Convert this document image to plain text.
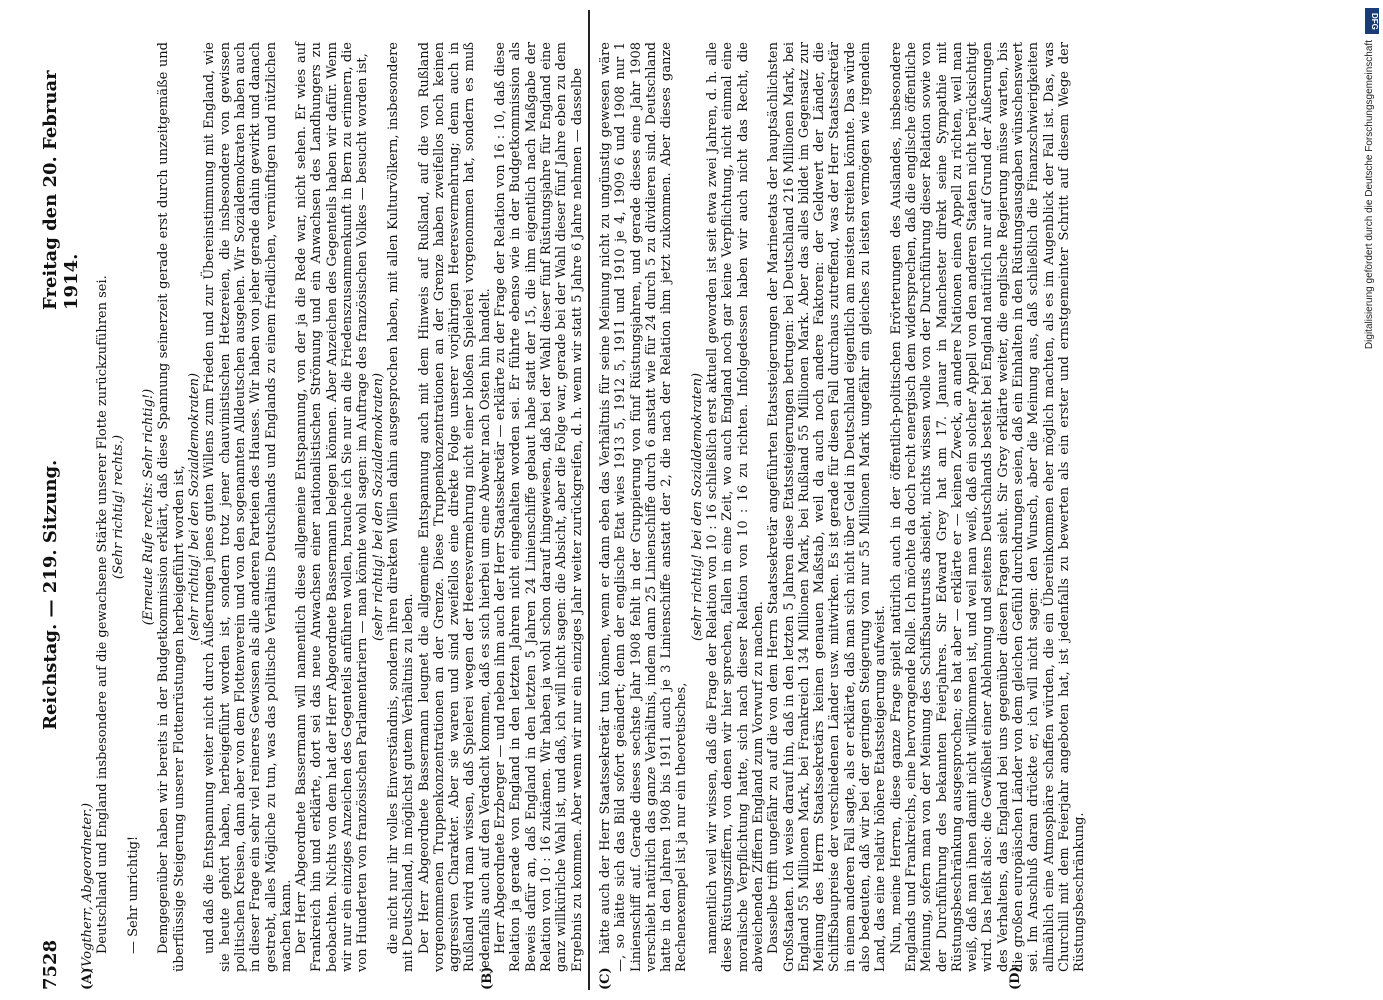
7528
Reichstag. — 219. Sitzung.
Freitag den 20. Februar 1914.
(A)	(B)	(C)	(D)

(Vogtherr, Abgeordneter.) Deutschland und England insbesondere auf die gewachsene Stärke unserer Flotte zurückzuführen sei. (Sehr richtig! rechts.)

— Sehr unrichtig!

(Erneute Rufe rechts: Sehr richtig!) Demgegenüber haben wir bereits in der Budgetkommission erklärt, daß diese Spannung seinerzeit gerade erst durch unzeitgemäße und überflüssige Steigerung unserer Flottenrüstungen herbeigeführt worden ist, (sehr richtig! bei den Sozialdemokraten) und daß die Entspannung weiter nicht durch Äußerungen jenes guten Willens zum Frieden und zur Übereinstimmung mit England, wie sie heute gehört haben, herbeigeführt worden ist, sondern trotz jener chauvinistischen Hetzereien, die insbesondere von gewissen politischen Kreisen, dann aber von dem Flottenverein und von den sogenannten Alldeutschen ausgehen. Wir Sozialdemokraten haben auch in dieser Frage ein sehr viel reineres Gewissen als alle anderen Parteien des Hauses. Wir haben von jeher gerade dahin gewirkt und danach gestrebt, alles Mögliche zu tun, was das politische Verhältnis Deutschlands und Englands zu einem friedlichen, vernünftigen und nützlichen machen kann. Der Herr Abgeordnete Bassermann will namentlich diese allgemeine Entspannung, von der ja die Rede war, nicht sehen. Er wies auf Frankreich hin und erklärte, dort sei das neue Anwachsen einer nationalistischen Strömung und ein Anwachsen des Landhungers zu beobachten. Nichts von dem hat der Herr Abgeordnete Bassermann belegen können. Aber Anzeichen des Gegenteils haben wir dafür. Wenn wir nur ein einziges Anzeichen des Gegenteils anführen wollen, brauche ich Sie nur an die Friedenszusammenkunft in Bern zu erinnern, die von Hunderten von französischen Parlamentariern — man könnte wohl sagen: im Auftrage des französischen Volkes — besucht worden ist, (sehr richtig! bei den Sozialdemokraten) die nicht nur ihr volles Einverständnis, sondern ihren direkten Willen dahin ausgesprochen haben, mit allen Kulturvölkern, insbesondere mit Deutschland, in möglichst gutem Verhältnis zu leben. Der Herr Abgeordnete Bassermann leugnet die allgemeine Entspannung auch mit dem Hinweis auf Rußland, auf die von Rußland vorgenommenen Truppenkonzentrationen an der Grenze. Diese Truppenkonzentrationen an der Grenze haben zweifellos noch keinen aggressiven Charakter. Aber sie waren und sind zweifellos eine direkte Folge unserer vorjährigen Heeresvermehrung; denn auch in Rußland wird man wissen, daß Spielerei wegen der Heeresvermehrung nicht einer bloßen Spielerei vorgenommen hat, sondern es muß jedenfalls auch auf den Verdacht kommen, daß es sich hierbei um eine Abwehr nach Osten hin handelt. Herr Abgeordnete Erzberger — und neben ihm auch der Herr Staatssekretär — erklärte zu der Frage der Relation von 16 : 10, daß diese Relation ja gerade von England in den letzten Jahren nicht eingehalten worden sei. Er führte ebenso wie in der Budgetkommission als Beweis dafür an, daß England in den letzten 5 Jahren 24 Linienschiffe gebaut habe statt der 15, die ihm eigentlich nach Maßgabe der Relation von 10 : 16 zukämen. Wir haben ja wohl schon darauf hingewiesen, daß bei der Wahl dieser fünf Rüstungsjahre für England eine ganz willkürliche Wahl ist, und daß, ich will nicht sagen: die Absicht, aber die Folge war, gerade bei der Wahl dieser fünf Jahre eben zu dem Ergebnis zu kommen. Aber wenn wir nur ein einziges Jahr weiter zurückgreifen, d. h. wenn wir statt 5 Jahre 6 Jahre nehmen — dasselbe hätte auch der Herr Staatssekretär tun können, wenn er dann eben das Verhältnis für seine Meinung nicht zu ungünstig gewesen wäre —, so hätte sich das Bild sofort geändert; denn der englische Etat wies 1913 5, 1912 5, 1911 und 1910 je 4, 1909 6 und 1908 nur 1 Linienschiff auf. Gerade dieses sechste Jahr 1908 fehlt in der Gruppierung von fünf Rüstungsjahren, und gerade dieses eine Jahr 1908 verschiebt natürlich das ganze Verhältnis, indem dann 25 Linienschiffe durch 6 anstatt wie für 24 durch 5 zu dividieren sind. Deutschland hatte in den Jahren 1908 bis 1911 auch je 3 Linienschiffe anstatt der 2, die nach der Relation ihm jetzt zukommen. Aber dieses ganze Rechenexempel ist ja nur ein theoretisches,

(sehr richtig! bei den Sozialdemokraten) namentlich weil wir wissen, daß die Frage der Relation von 10 : 16 schließlich erst aktuell geworden ist seit etwa zwei Jahren, d. h. alle diese Rüstungsziffern, von denen wir hier sprechen, fallen in eine Zeit, wo auch England noch gar keine Verpflichtung, nicht einmal eine moralische Verpflichtung hatte, sich nach dieser Relation von 10 : 16 zu richten. Infolgedessen haben wir auch nicht das Recht, die abweichenden Ziffern England zum Vorwurf zu machen. Dasselbe trifft ungefähr zu auf die von dem Herrn Staatssekretär angeführten Etatssteigerungen der Marineetats der hauptsächlichsten Großstaaten. Ich weise darauf hin, daß in den letzten 5 Jahren diese Etatssteigerungen betrugen: bei Deutschland 216 Millionen Mark, bei England 55 Millionen Mark, bei Frankreich 134 Millionen Mark, bei Rußland 55 Millionen Mark. Aber das alles bildet im Gegensatz zur Meinung des Herrn Staatssekretärs keinen genauen Maßstab, weil da auch noch andere Faktoren: der Geldwert der Länder, die Schiffsbaupreise der verschiedenen Länder usw. mitwirken. Es ist gerade für diesen Fall durchaus zutreffend, was der Herr Staatssekretär in einem anderen Fall sagte, als er erklärte, daß man sich nicht über Geld in Deutschland eigentlich am meisten streiten könnte. Das würde also bedeuten, daß wir bei der geringen Steigerung von nur 55 Millionen Mark ungefähr ein gleiches zu leisten vermögen wie irgendein Land, das eine relativ höhere Etatssteigerung aufweist. Nun, meine Herren, diese ganze Frage spielt natürlich auch in der öffentlich-politischen Erörterungen des Auslandes, insbesondere Englands und Frankreichs, eine hervorragende Rolle. Ich möchte da doch recht energisch dem widersprechen, daß die englische öffentliche Meinung, sofern man von der Meinung des Schiffsbautrusts absieht, nichts wissen wolle von der Durchführung dieser Relation sowie von der Durchführung des bekannten Feierjahres. Sir Edward Grey hat am 17. Januar in Manchester direkt seine Sympathie mit Rüstungsbeschränkung ausgesprochen; es hat aber — erklärte er — keinen Zweck, an andere Nationen einen Appell zu richten, weil man weiß, daß man ihnen damit nicht willkommen ist, und weil man weiß, daß ein solcher Appell von den anderen Staaten nicht berücksichtigt wird. Das heißt also: die Gewißheit einer Ablehnung und seitens Deutschlands besteht bei England natürlich nur auf Grund der Äußerungen des Verhaltens, das England bei uns gegenüber diesen Fragen sieht. Sir Grey erklärte weiter, die englische Regierung müsse warten, bis die großen europäischen Länder von dem gleichen Gefühl durchdrungen seien, daß ein Einhalten in den Rüstungsausgaben wünschenswert sei. Im Anschluß daran drückte er, ich will nicht sagen: den Wunsch, aber die Meinung aus, daß schließlich die Finanzschwierigkeiten allmählich eine Atmosphäre schaffen würden, die ein Übereinkommen eher möglich machten, als es im Augenblick der Fall ist. Das, was Churchill mit dem Feierjahr angeboten hat, ist jedenfalls zu bewerten als ein erster und ernstgemeinter Schritt auf diesem Wege der Rüstungsbeschränkung.

DFG
Digitalisierung gefördert durch die Deutsche Forschungsgemeinschaft
